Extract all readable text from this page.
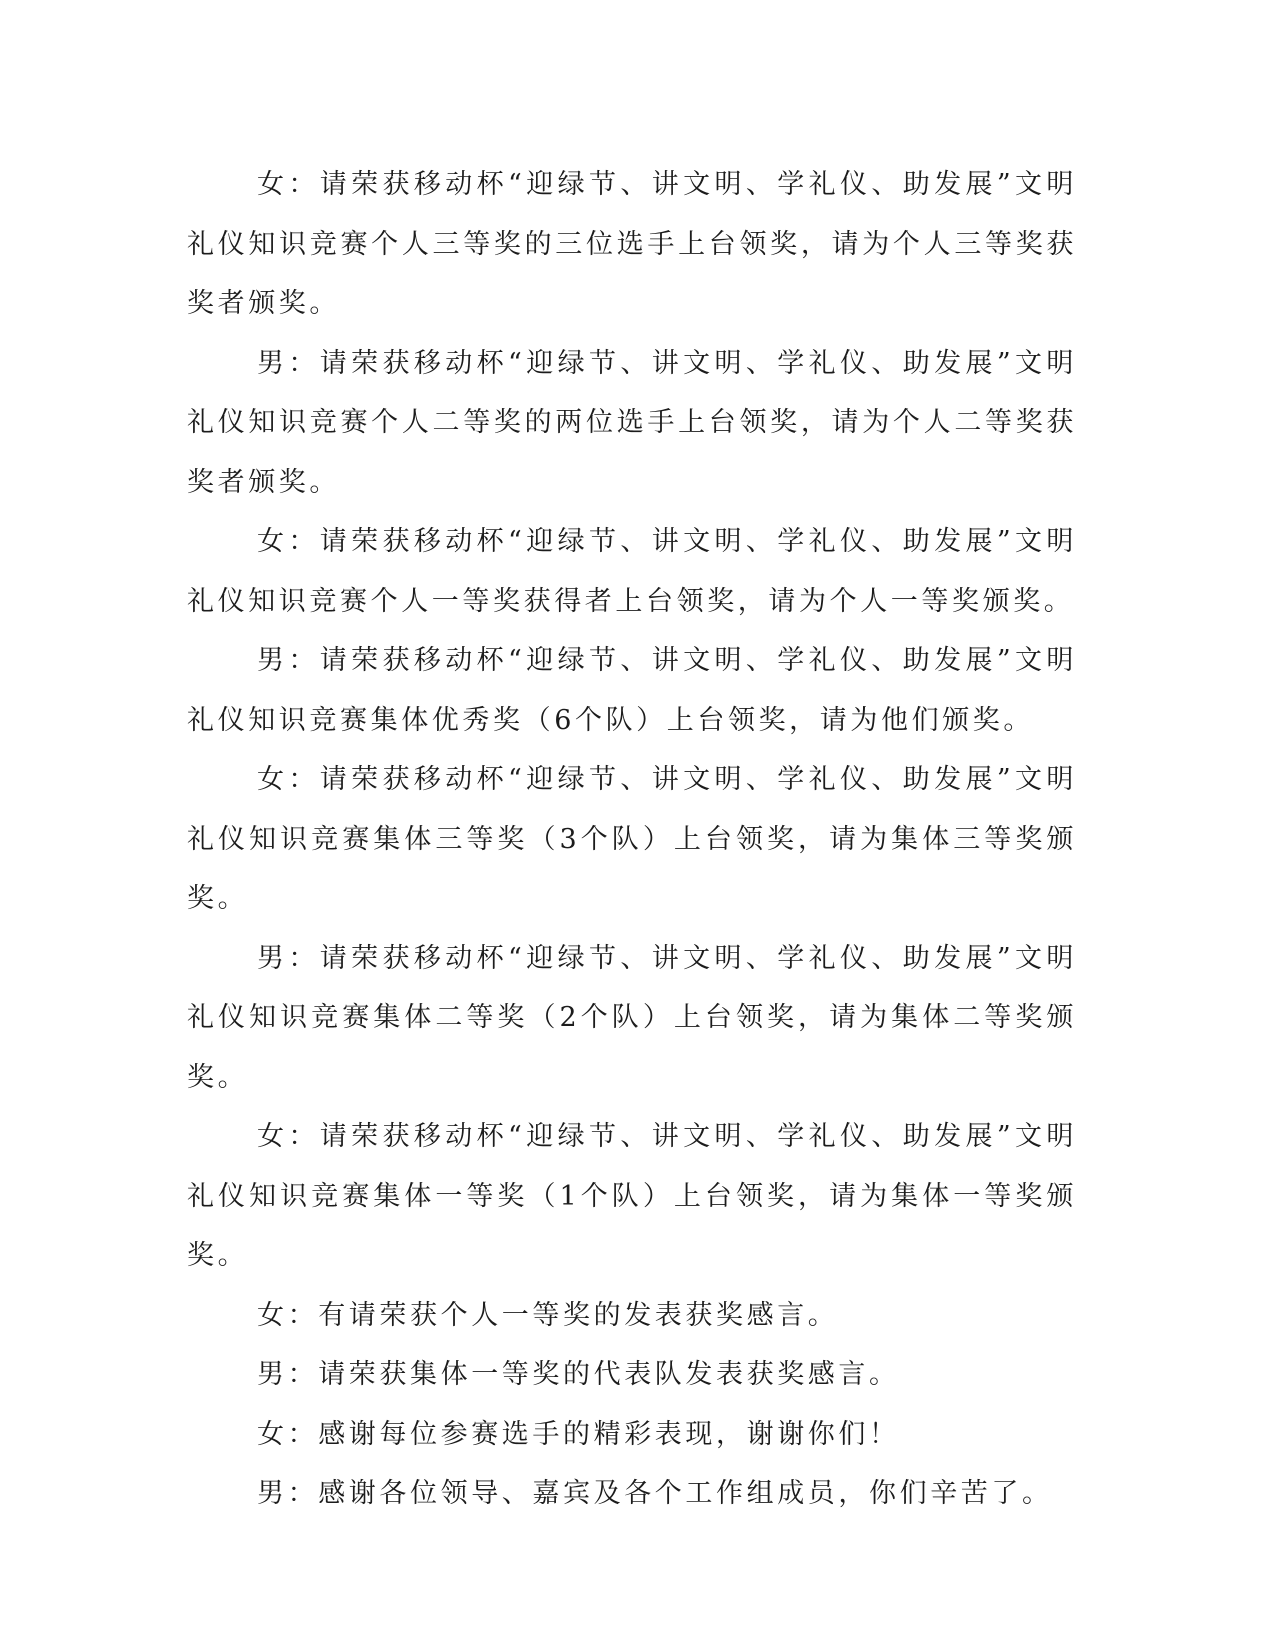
女：请荣获移动杯“迎绿节、讲文明、学礼仪、助发展”文明礼仪知识竞赛个人三等奖的三位选手上台领奖，请为个人三等奖获奖者颁奖。

男：请荣获移动杯“迎绿节、讲文明、学礼仪、助发展”文明礼仪知识竞赛个人二等奖的两位选手上台领奖，请为个人二等奖获奖者颁奖。

女：请荣获移动杯“迎绿节、讲文明、学礼仪、助发展”文明礼仪知识竞赛个人一等奖获得者上台领奖，请为个人一等奖颁奖。

男：请荣获移动杯“迎绿节、讲文明、学礼仪、助发展”文明礼仪知识竞赛集体优秀奖（6个队）上台领奖，请为他们颁奖。

女：请荣获移动杯“迎绿节、讲文明、学礼仪、助发展”文明礼仪知识竞赛集体三等奖（3个队）上台领奖，请为集体三等奖颁奖。

男：请荣获移动杯“迎绿节、讲文明、学礼仪、助发展”文明礼仪知识竞赛集体二等奖（2个队）上台领奖，请为集体二等奖颁奖。

女：请荣获移动杯“迎绿节、讲文明、学礼仪、助发展”文明礼仪知识竞赛集体一等奖（1个队）上台领奖，请为集体一等奖颁奖。

女：有请荣获个人一等奖的发表获奖感言。

男：请荣获集体一等奖的代表队发表获奖感言。

女：感谢每位参赛选手的精彩表现，谢谢你们！

男：感谢各位领导、嘉宾及各个工作组成员，你们辛苦了。
